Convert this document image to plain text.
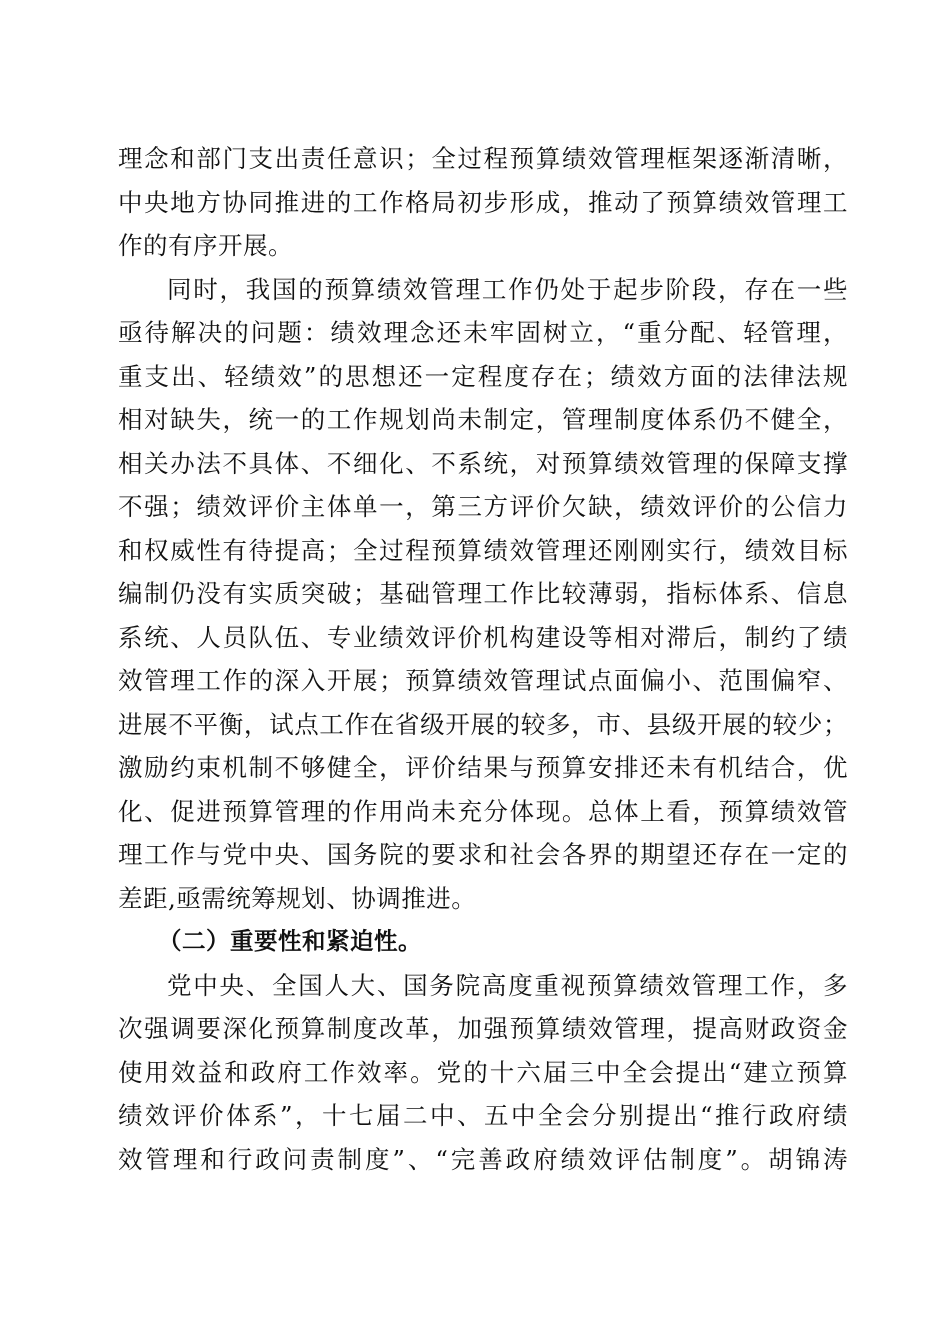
理念和部门支出责任意识；全过程预算绩效管理框架逐渐清晰，
中央地方协同推进的工作格局初步形成，推动了预算绩效管理工
作的有序开展。
同时，我国的预算绩效管理工作仍处于起步阶段，存在一些
亟待解决的问题：绩效理念还未牢固树立，“重分配、轻管理，
重支出、轻绩效”的思想还一定程度存在；绩效方面的法律法规
相对缺失，统一的工作规划尚未制定，管理制度体系仍不健全，
相关办法不具体、不细化、不系统，对预算绩效管理的保障支撑
不强；绩效评价主体单一，第三方评价欠缺，绩效评价的公信力
和权威性有待提高；全过程预算绩效管理还刚刚实行，绩效目标
编制仍没有实质突破；基础管理工作比较薄弱，指标体系、信息
系统、人员队伍、专业绩效评价机构建设等相对滞后，制约了绩
效管理工作的深入开展；预算绩效管理试点面偏小、范围偏窄、
进展不平衡，试点工作在省级开展的较多，市、县级开展的较少；
激励约束机制不够健全，评价结果与预算安排还未有机结合，优
化、促进预算管理的作用尚未充分体现。总体上看，预算绩效管
理工作与党中央、国务院的要求和社会各界的期望还存在一定的
差距,亟需统筹规划、协调推进。
（二）重要性和紧迫性。
党中央、全国人大、国务院高度重视预算绩效管理工作，多
次强调要深化预算制度改革，加强预算绩效管理，提高财政资金
使用效益和政府工作效率。党的十六届三中全会提出“建立预算
绩效评价体系”，十七届二中、五中全会分别提出“推行政府绩
效管理和行政问责制度”、“完善政府绩效评估制度”。胡锦涛
